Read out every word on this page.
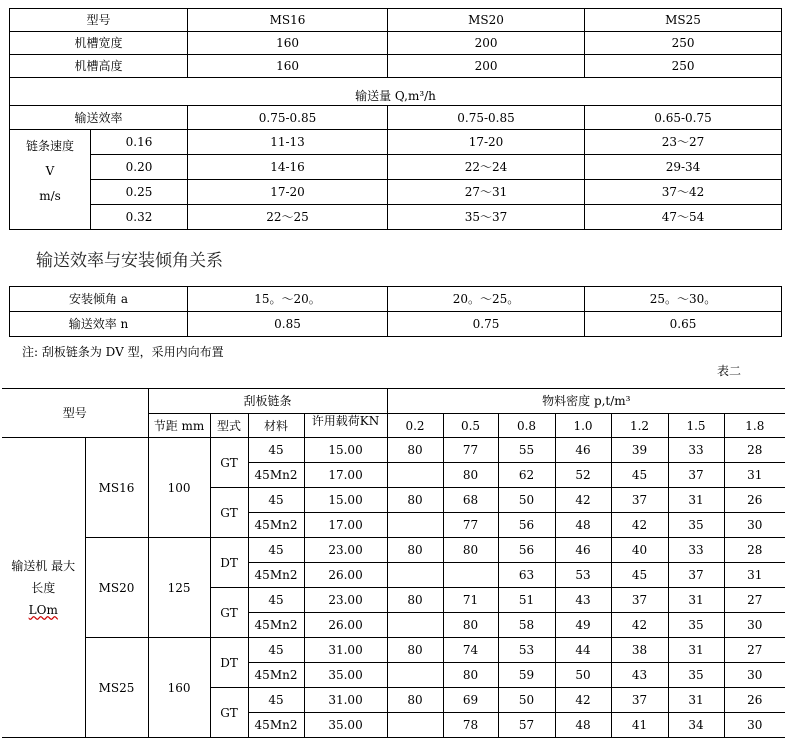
型号		MS16	MS20	MS25
机槽宽度		160	200	250
机槽高度		160	200	250
输送量 Q,m³/h				
输送效率		0.75-0.85	0.75-0.85	0.65-0.75

链条速度
V
m/s	0.16	11-13	17-20	23～27
	0.20	14-16	22～24	29-34
	0.25	17-20	27～31	37～42
	0.32	22～25	35～37	47～54
输送效率与安装倾角关系
安装倾角 a	15。～20。	20。～25。	25。～30。
输送效率 n	0.85	0.75	0.65
注: 刮板链条为 DV 型，采用内向布置
表二
型号		刮板链条				物料密度 p,t/m³						
		节距 mm	型式	材料	许用载荷KN	0.2	0.5	0.8	1.0	1.2	1.5	1.8

输送机 最大
长度
LOm	MS16	100	GT	45	15.00	80	77	55	46	39	33	28
				45Mn2	17.00		80	62	52	45	37	31
			GT	45	15.00	80	68	50	42	37	31	26
				45Mn2	17.00		77	56	48	42	35	30
	MS20	125	DT	45	23.00	80	80	56	46	40	33	28
				45Mn2	26.00			63	53	45	37	31
			GT	45	23.00	80	71	51	43	37	31	27
				45Mn2	26.00		80	58	49	42	35	30
	MS25	160	DT	45	31.00	80	74	53	44	38	31	27
				45Mn2	35.00		80	59	50	43	35	30
			GT	45	31.00	80	69	50	42	37	31	26
				45Mn2	35.00		78	57	48	41	34	30
